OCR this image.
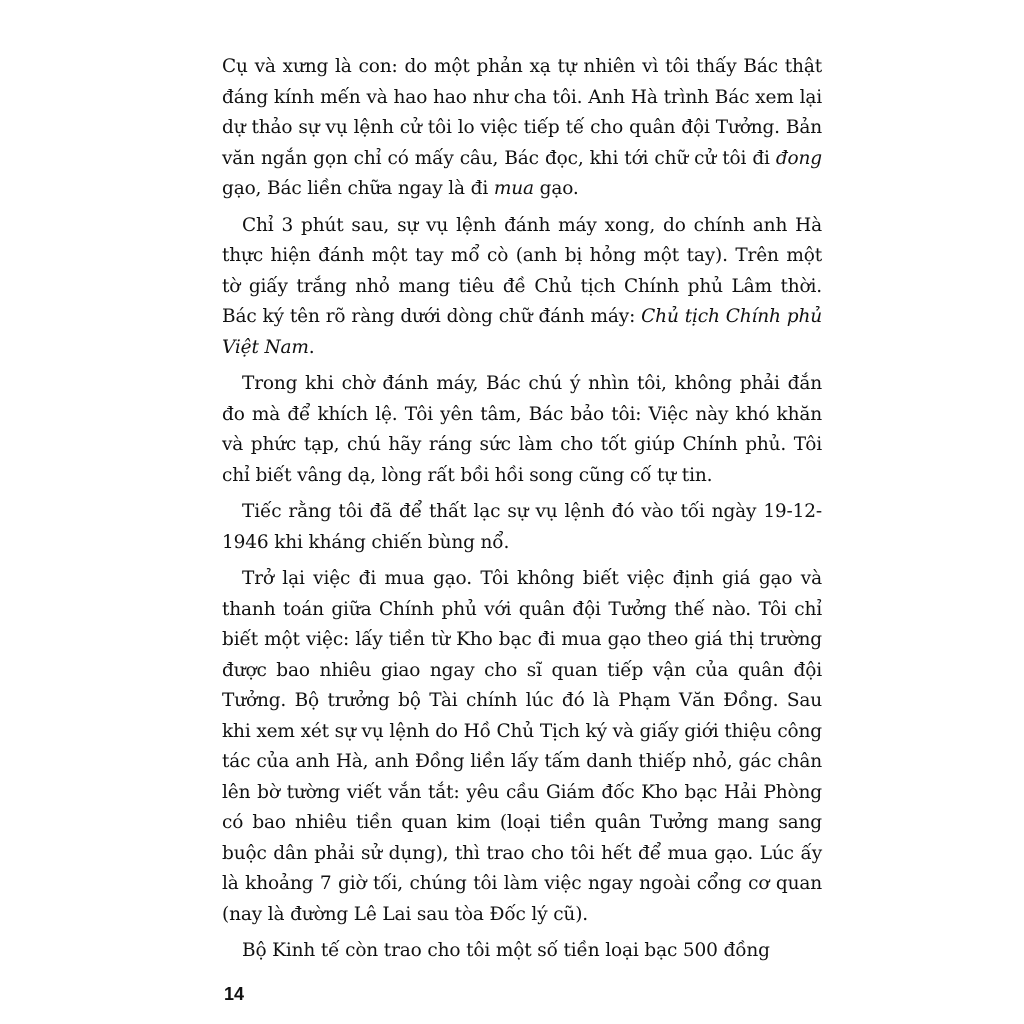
Cụ và xưng là con: do một phản xạ tự nhiên vì tôi thấy Bác thật đáng kính mến và hao hao như cha tôi. Anh Hà trình Bác xem lại dự thảo sự vụ lệnh cử tôi lo việc tiếp tế cho quân đội Tưởng. Bản văn ngắn gọn chỉ có mấy câu, Bác đọc, khi tới chữ cử tôi đi đong gạo, Bác liền chữa ngay là đi mua gạo.

Chỉ 3 phút sau, sự vụ lệnh đánh máy xong, do chính anh Hà thực hiện đánh một tay mổ cò (anh bị hỏng một tay). Trên một tờ giấy trắng nhỏ mang tiêu đề Chủ tịch Chính phủ Lâm thời. Bác ký tên rõ ràng dưới dòng chữ đánh máy: Chủ tịch Chính phủ Việt Nam.

Trong khi chờ đánh máy, Bác chú ý nhìn tôi, không phải đắn đo mà để khích lệ. Tôi yên tâm, Bác bảo tôi: Việc này khó khăn và phức tạp, chú hãy ráng sức làm cho tốt giúp Chính phủ. Tôi chỉ biết vâng dạ, lòng rất bồi hồi song cũng cố tự tin.

Tiếc rằng tôi đã để thất lạc sự vụ lệnh đó vào tối ngày 19-12-1946 khi kháng chiến bùng nổ.

Trở lại việc đi mua gạo. Tôi không biết việc định giá gạo và thanh toán giữa Chính phủ với quân đội Tưởng thế nào. Tôi chỉ biết một việc: lấy tiền từ Kho bạc đi mua gạo theo giá thị trường được bao nhiêu giao ngay cho sĩ quan tiếp vận của quân đội Tưởng. Bộ trưởng bộ Tài chính lúc đó là Phạm Văn Đồng. Sau khi xem xét sự vụ lệnh do Hồ Chủ Tịch ký và giấy giới thiệu công tác của anh Hà, anh Đồng liền lấy tấm danh thiếp nhỏ, gác chân lên bờ tường viết vắn tắt: yêu cầu Giám đốc Kho bạc Hải Phòng có bao nhiêu tiền quan kim (loại tiền quân Tưởng mang sang buộc dân phải sử dụng), thì trao cho tôi hết để mua gạo. Lúc ấy là khoảng 7 giờ tối, chúng tôi làm việc ngay ngoài cổng cơ quan (nay là đường Lê Lai sau tòa Đốc lý cũ).

Bộ Kinh tế còn trao cho tôi một số tiền loại bạc 500 đồng

14
